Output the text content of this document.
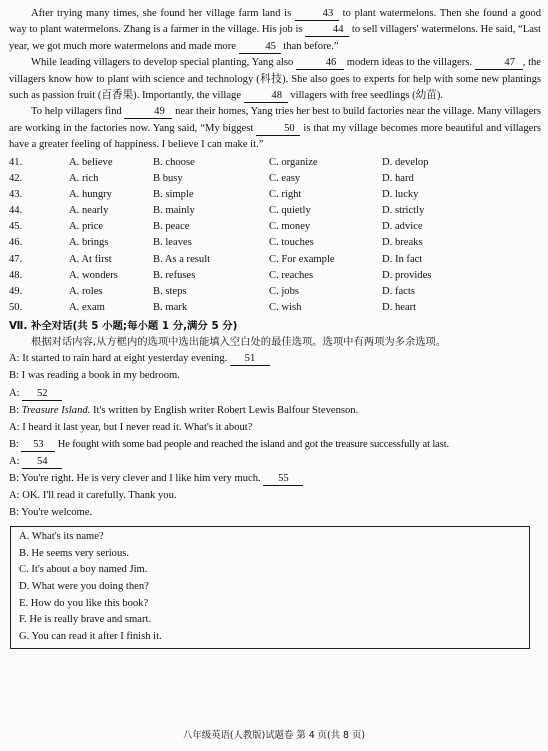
After trying many times, she found her village farm land is	43 to plant watermelons. Then she found a good way to plant watermelons. Zhang is a farmer in the village. His job is	44 to sell villagers' watermelons. He said, “Last year, we got much more watermelons and made more	45 than before.”

While leading villagers to develop special planting, Yang also	46 modern ideas to the villagers.	47 , the villagers know how to plant with science and technology (科技). She also goes to experts for help with some new plantings such as passion fruit (百香果). Importantly, the village	48 villagers with free seedlings (幼苗).

To help villagers find	49 near their homes, Yang tries her best to build factories near the village. Many villagers are working in the factories now. Yang said, “My biggest	50 is that my village becomes more beautiful and villagers have a greater feeling of happiness. I believe I can make it.”

41.	A. believe	B. choose	C. organize	D. develop
42.	A. rich	B busy	C. easy	D. hard
43.	A. hungry	B. simple	C. right	D. lucky
44.	A. nearly	B. mainly	C. quietly	D. strictly
45.	A. price	B. peace	C. money	D. advice
46.	A. brings	B. leaves	C. touches	D. breaks
47.	A. At first	B. As a result	C. For example	D. In fact
48.	A. wonders	B. refuses	C. reaches	D. provides
49.	A. roles	B. steps	C. jobs	D. facts
50.	A. exam	B. mark	C. wish	D. heart
Ⅶ. 补全对话(共 5 小题;每小题 1 分,满分 5 分)

根据对话内容,从方框内的选项中选出能填入空白处的最佳选项。选项中有两项为多余选项。

A: It started to rain hard at eight yesterday evening. 51
B: I was reading a book in my bedroom.
A: 52
B: Treasure Island. It's written by English writer Robert Lewis Balfour Stevenson.
A: I heard it last year, but I never read it. What's it about?
B: 53 He fought with some bad people and reached the island and got the treasure successfully at last.
A: 54
B: You're right. He is very clever and I like him very much. 55
A: OK. I'll read it carefully. Thank you.
B: You're welcome.
A. What's its name?
B. He seems very serious.
C. It's about a boy named Jim.
D. What were you doing then?
E. How do you like this book?
F. He is really brave and smart.
G. You can read it after I finish it.
八年级英语(人教版)试题卷 第 4 页(共 8 页)
